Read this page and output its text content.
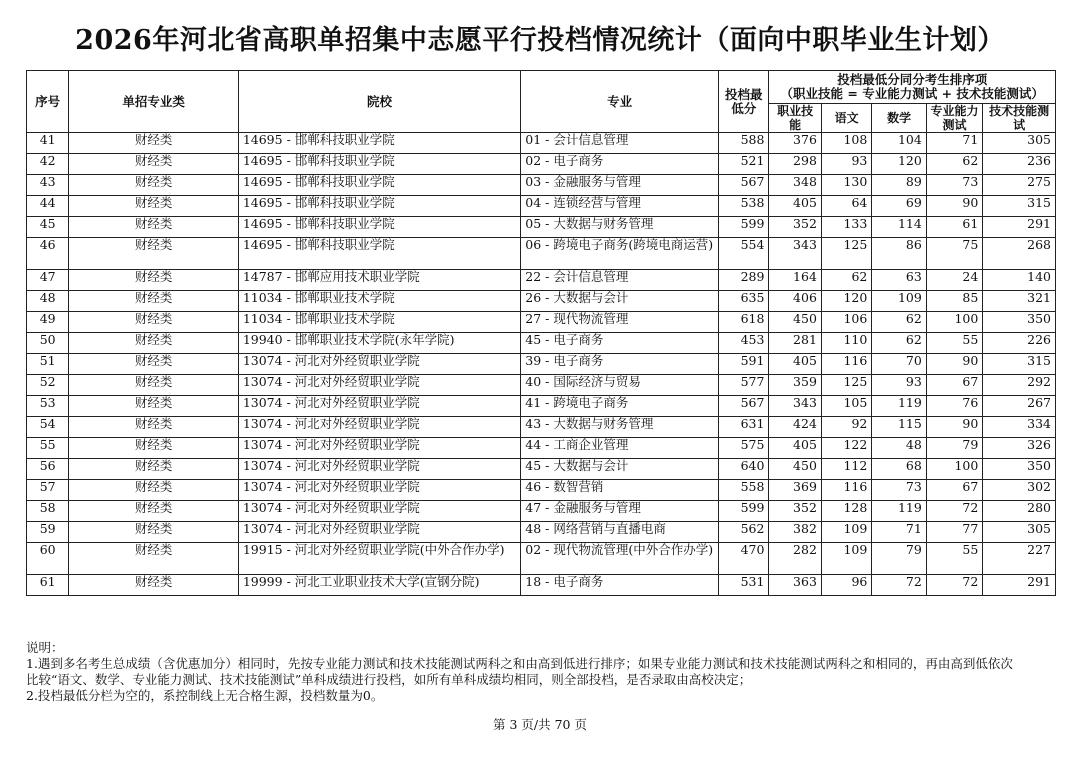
2026年河北省高职单招集中志愿平行投档情况统计（面向中职毕业生计划）
序号	单招专业类	院校	专业	投档最低分	投档最低分同分考生排序项
（职业技能 = 专业能力测试 + 技术技能测试）				

					职业技能	语文	数学	专业能力测试	技术技能测试
41	财经类	14695 - 邯郸科技职业学院	01 - 会计信息管理	588	376	108	104	71	305
42	财经类	14695 - 邯郸科技职业学院	02 - 电子商务	521	298	93	120	62	236
43	财经类	14695 - 邯郸科技职业学院	03 - 金融服务与管理	567	348	130	89	73	275
44	财经类	14695 - 邯郸科技职业学院	04 - 连锁经营与管理	538	405	64	69	90	315
45	财经类	14695 - 邯郸科技职业学院	05 - 大数据与财务管理	599	352	133	114	61	291
46	财经类	14695 - 邯郸科技职业学院	06 - 跨境电子商务(跨境电商运营)	554	343	125	86	75	268
47	财经类	14787 - 邯郸应用技术职业学院	22 - 会计信息管理	289	164	62	63	24	140
48	财经类	11034 - 邯郸职业技术学院	26 - 大数据与会计	635	406	120	109	85	321
49	财经类	11034 - 邯郸职业技术学院	27 - 现代物流管理	618	450	106	62	100	350
50	财经类	19940 - 邯郸职业技术学院(永年学院)	45 - 电子商务	453	281	110	62	55	226
51	财经类	13074 - 河北对外经贸职业学院	39 - 电子商务	591	405	116	70	90	315
52	财经类	13074 - 河北对外经贸职业学院	40 - 国际经济与贸易	577	359	125	93	67	292
53	财经类	13074 - 河北对外经贸职业学院	41 - 跨境电子商务	567	343	105	119	76	267
54	财经类	13074 - 河北对外经贸职业学院	43 - 大数据与财务管理	631	424	92	115	90	334
55	财经类	13074 - 河北对外经贸职业学院	44 - 工商企业管理	575	405	122	48	79	326
56	财经类	13074 - 河北对外经贸职业学院	45 - 大数据与会计	640	450	112	68	100	350
57	财经类	13074 - 河北对外经贸职业学院	46 - 数智营销	558	369	116	73	67	302
58	财经类	13074 - 河北对外经贸职业学院	47 - 金融服务与管理	599	352	128	119	72	280
59	财经类	13074 - 河北对外经贸职业学院	48 - 网络营销与直播电商	562	382	109	71	77	305
60	财经类	19915 - 河北对外经贸职业学院(中外合作办学)	02 - 现代物流管理(中外合作办学)	470	282	109	79	55	227
61	财经类	19999 - 河北工业职业技术大学(宣钢分院)	18 - 电子商务	531	363	96	72	72	291
说明：
1.遇到多名考生总成绩（含优惠加分）相同时，先按专业能力测试和技术技能测试两科之和由高到低进行排序；如果专业能力测试和技术技能测试两科之和相同的，再由高到低依次
比较“语文、数学、专业能力测试、技术技能测试”单科成绩进行投档，如所有单科成绩均相同，则全部投档，是否录取由高校决定；
2.投档最低分栏为空的，系控制线上无合格生源，投档数量为0。
第 3 页/共 70 页
